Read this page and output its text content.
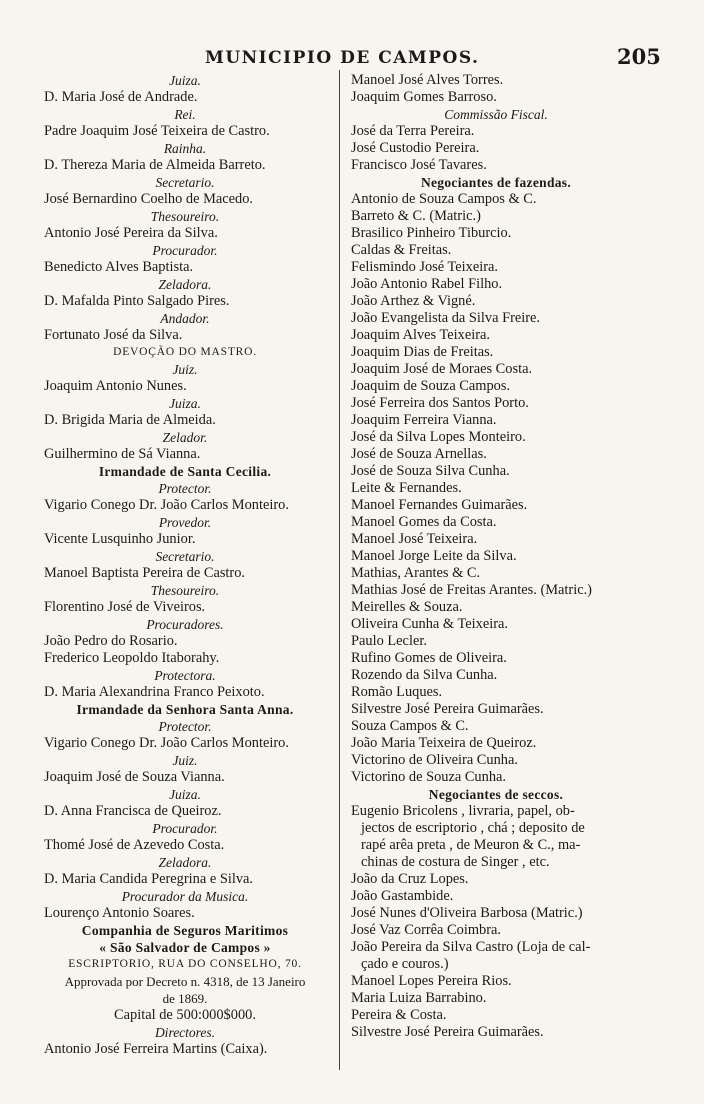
MUNICIPIO DE CAMPOS.	205
Juiza.
D. Maria José de Andrade.
Rei.
Padre Joaquim José Teixeira de Castro.
Rainha.
D. Thereza Maria de Almeida Barreto.
Secretario.
José Bernardino Coelho de Macedo.
Thesoureiro.
Antonio José Pereira da Silva.
Procurador.
Benedicto Alves Baptista.
Zeladora.
D. Mafalda Pinto Salgado Pires.
Andador.
Fortunato José da Silva.
DEVOÇÃO DO MASTRO.
Juiz.
Joaquim Antonio Nunes.
Juiza.
D. Brigida Maria de Almeida.
Zelador.
Guilhermino de Sá Vianna.
Irmandade de Santa Cecilia.
Protector.
Vigario Conego Dr. João Carlos Monteiro.
Provedor.
Vicente Lusquinho Junior.
Secretario.
Manoel Baptista Pereira de Castro.
Thesoureiro.
Florentino José de Viveiros.
Procuradores.
João Pedro do Rosario.
Frederico Leopoldo Itaborahy.
Protectora.
D. Maria Alexandrina Franco Peixoto.
Irmandade da Senhora Santa Anna.
Protector.
Vigario Conego Dr. João Carlos Monteiro.
Juiz.
Joaquim José de Souza Vianna.
Juiza.
D. Anna Francisca de Queiroz.
Procurador.
Thomé José de Azevedo Costa.
Zeladora.
D. Maria Candida Peregrina e Silva.
Procurador da Musica.
Lourenço Antonio Soares.
Companhia de Seguros Maritimos
« São Salvador de Campos »
ESCRIPTORIO, RUA DO CONSELHO, 70.
Approvada por Decreto n. 4318, de 13 Janeiro
de 1869.
Capital de 500:000$000.
Directores.
Antonio José Ferreira Martins (Caixa).
Manoel José Alves Torres.
Joaquim Gomes Barroso.
Commissão Fiscal.
José da Terra Pereira.
José Custodio Pereira.
Francisco José Tavares.
Negociantes de fazendas.
Antonio de Souza Campos & C.
Barreto & C. (Matric.)
Brasilico Pinheiro Tiburcio.
Caldas & Freitas.
Felismindo José Teixeira.
João Antonio Rabel Filho.
João Arthez & Vigné.
João Evangelista da Silva Freire.
Joaquim Alves Teixeira.
Joaquim Dias de Freitas.
Joaquim José de Moraes Costa.
Joaquim de Souza Campos.
José Ferreira dos Santos Porto.
Joaquim Ferreira Vianna.
José da Silva Lopes Monteiro.
José de Souza Arnellas.
José de Souza Silva Cunha.
Leite & Fernandes.
Manoel Fernandes Guimarães.
Manoel Gomes da Costa.
Manoel José Teixeira.
Manoel Jorge Leite da Silva.
Mathias, Arantes & C.
Mathias José de Freitas Arantes. (Matric.)
Meirelles & Souza.
Oliveira Cunha & Teixeira.
Paulo Lecler.
Rufino Gomes de Oliveira.
Rozendo da Silva Cunha.
Romão Luques.
Silvestre José Pereira Guimarães.
Souza Campos & C.
João Maria Teixeira de Queiroz.
Victorino de Oliveira Cunha.
Victorino de Souza Cunha.
Negociantes de seccos.
Eugenio Bricolens , livraria, papel, ob-
jectos de escriptorio , chá ; deposito de
rapé arêa preta , de Meuron & C., ma-
chinas de costura de Singer , etc.
João da Cruz Lopes.
João Gastambide.
José Nunes d'Oliveira Barbosa (Matric.)
José Vaz Corrêa Coimbra.
João Pereira da Silva Castro (Loja de cal-
çado e couros.)
Manoel Lopes Pereira Rios.
Maria Luiza Barrabino.
Pereira & Costa.
Silvestre José Pereira Guimarães.
